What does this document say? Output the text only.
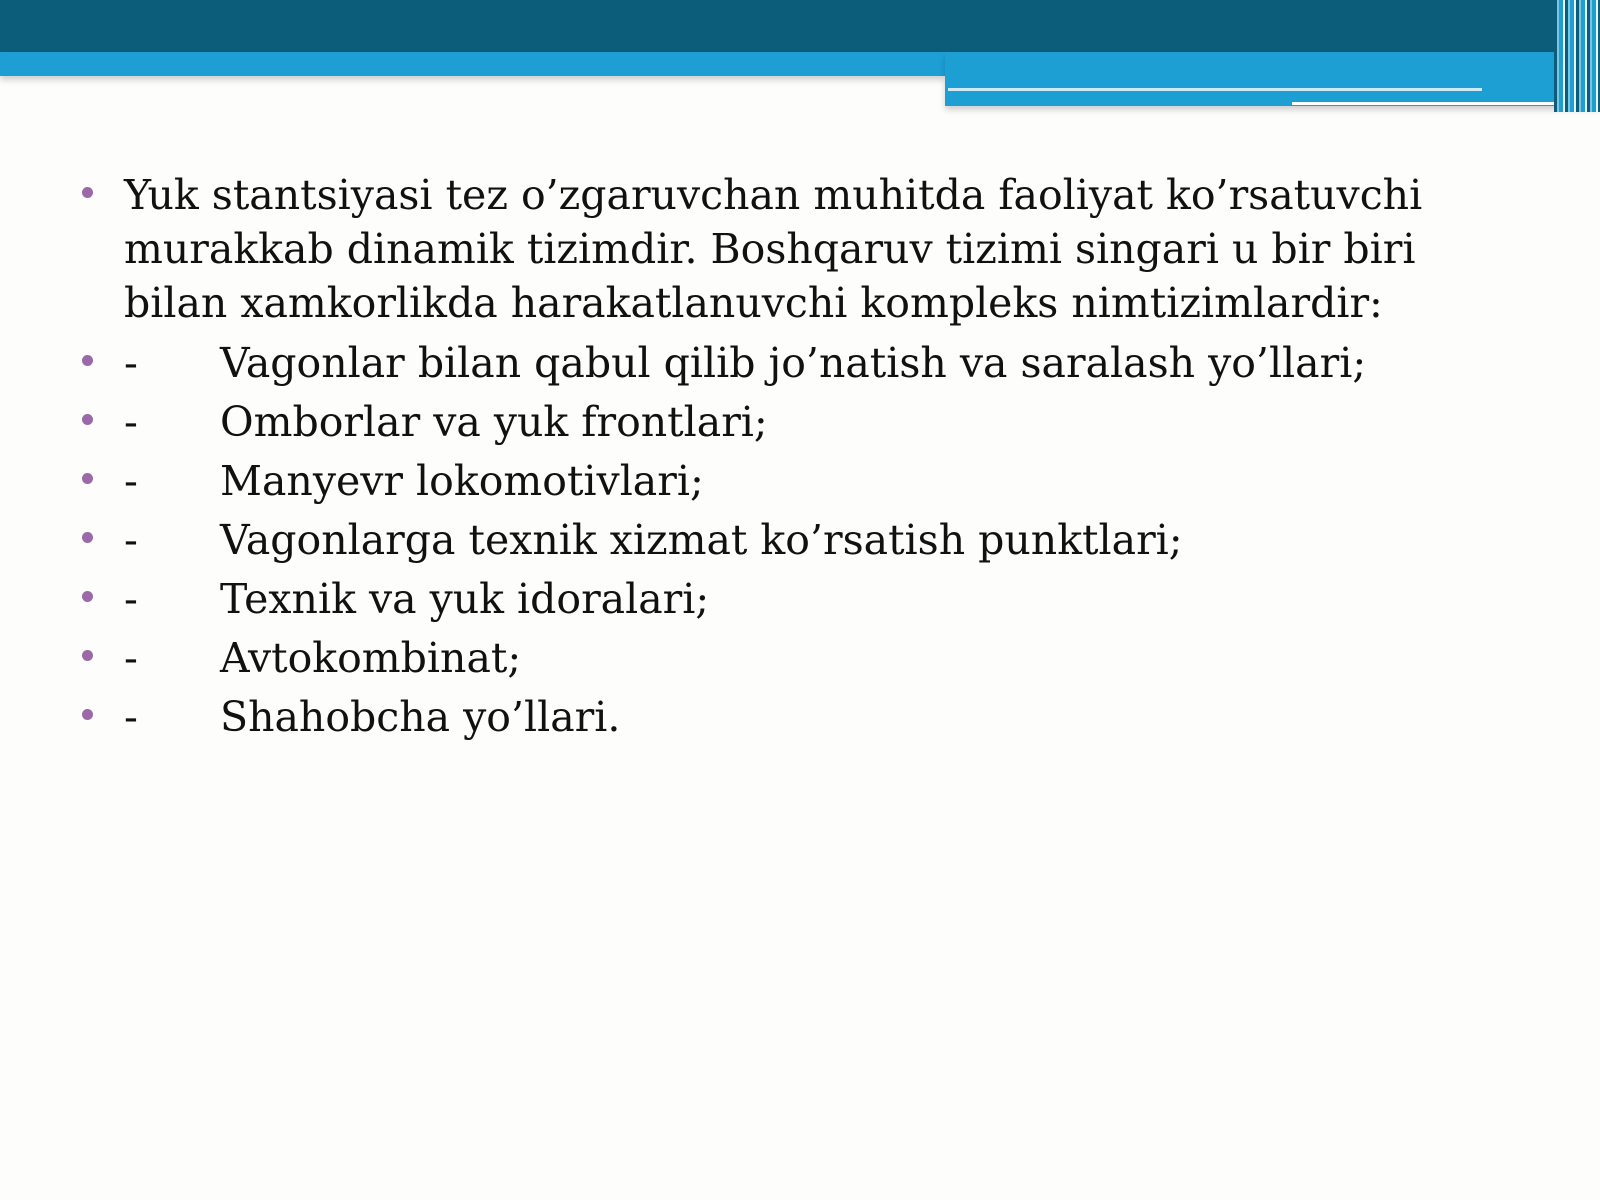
Yuk stantsiyasi tez o’zgaruvchan muhitda faoliyat ko’rsatuvchi murakkab dinamik tizimdir. Boshqaruv tizimi singari u bir biri bilan xamkorlikda harakatlanuvchi kompleks nimtizimlardir:
- Vagonlar bilan qabul qilib jo’natish va saralash yo’llari;
- Omborlar va yuk frontlari;
- Manyevr lokomotivlari;
- Vagonlarga texnik xizmat ko’rsatish punktlari;
- Texnik va yuk idoralari;
- Avtokombinat;
- Shahobcha yo’llari.
